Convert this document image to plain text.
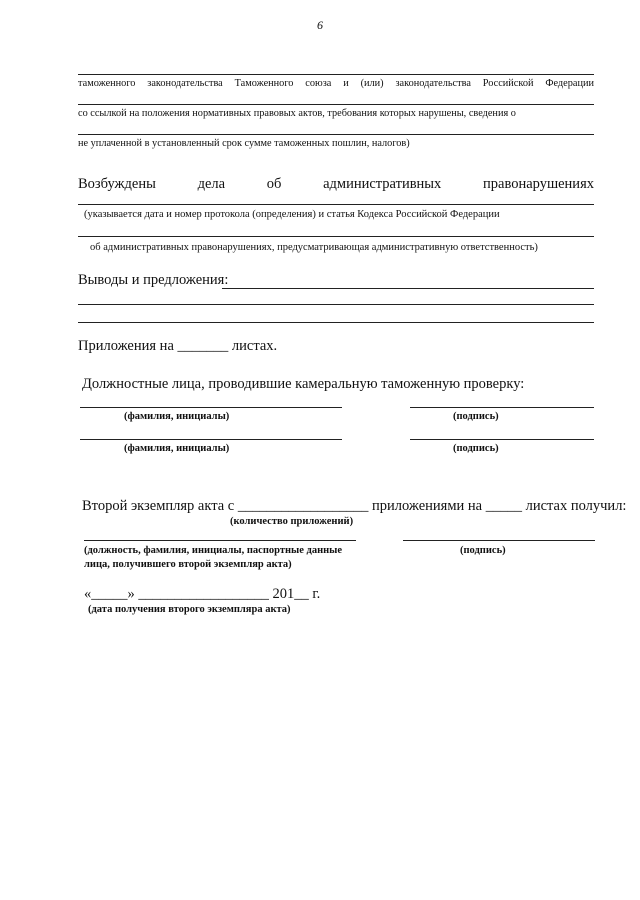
6
таможенного законодательства Таможенного союза и (или) законодательства Российской Федерации
со ссылкой на положения нормативных правовых актов, требования которых нарушены, сведения о
не уплаченной в установленный срок сумме таможенных пошлин, налогов)
Возбуждены	дела	об	административных	правонарушениях
(указывается дата и номер протокола (определения) и статья Кодекса Российской Федерации
об административных правонарушениях, предусматривающая административную ответственность)
Выводы и предложения:
Приложения на _______ листах.
Должностные лица, проводившие камеральную таможенную проверку:
(фамилия, инициалы)	(подпись)
(фамилия, инициалы)	(подпись)
Второй экземпляр акта с __________________ приложениями на _____ листах получил:
(количество приложений)
(должность, фамилия, инициалы, паспортные данные
лица, получившего второй экземпляр акта)
(подпись)
«_____» __________________ 201__ г.
(дата получения второго экземпляра акта)
